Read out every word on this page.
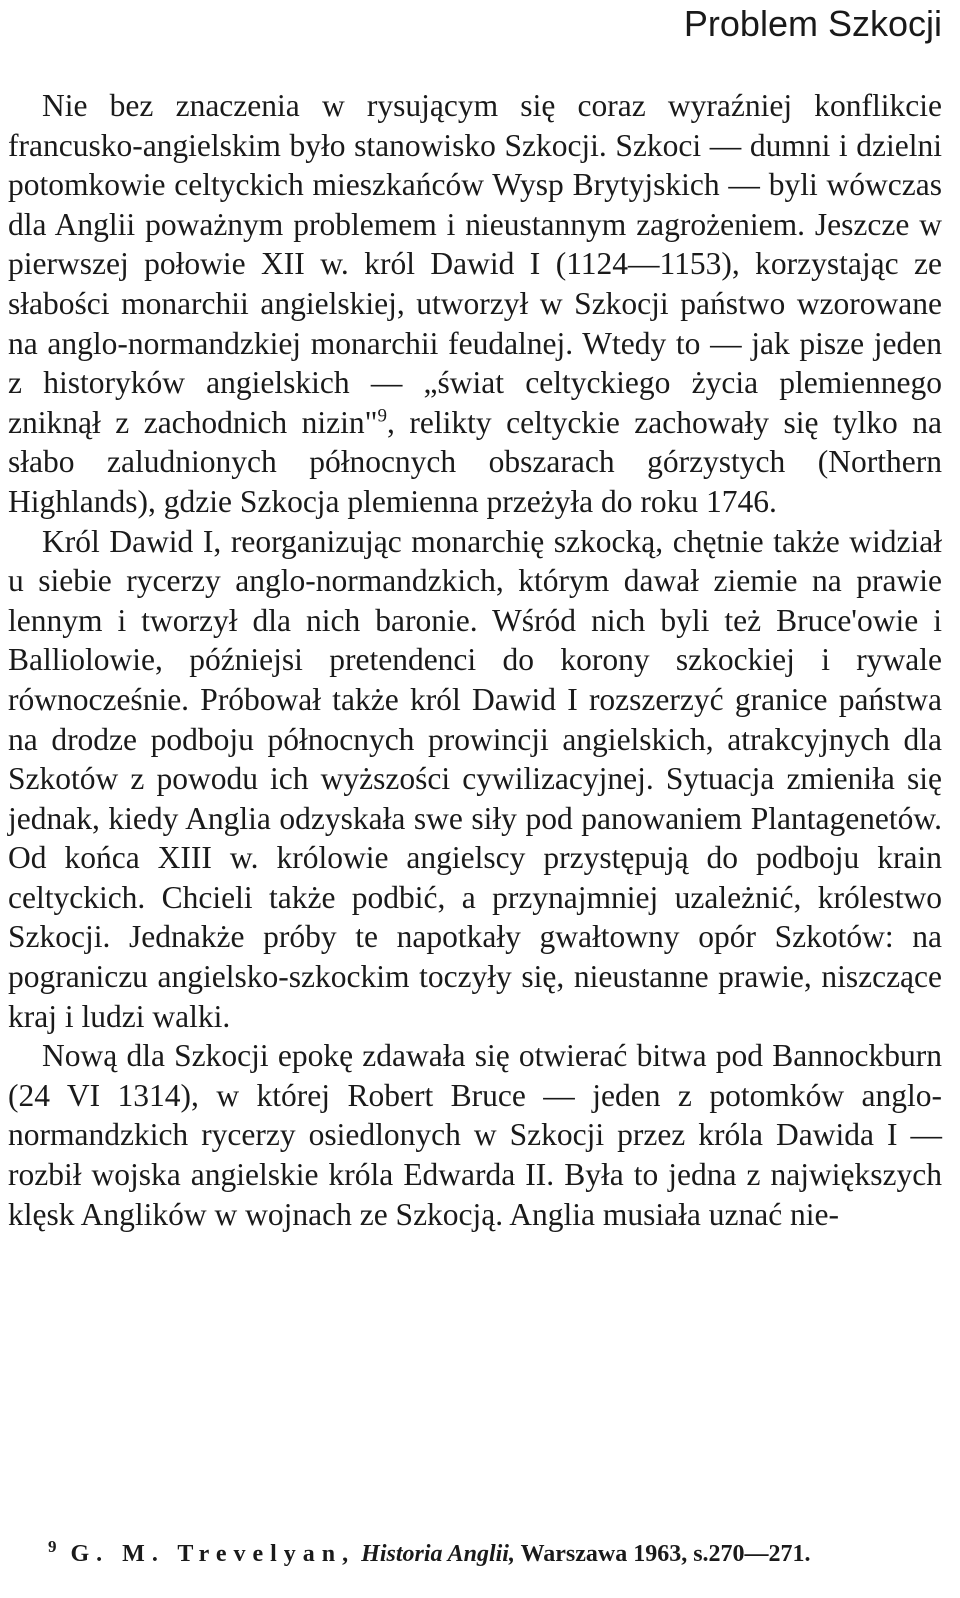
Problem Szkocji

Nie bez znaczenia w rysującym się coraz wyraźniej konflikcie francusko-angielskim było stanowisko Szkocji. Szkoci — dumni i dzielni potomkowie celtyckich mieszkańców Wysp Brytyjskich — byli wówczas dla Anglii poważnym problemem i nieustannym zagrożeniem. Jeszcze w pierwszej połowie XII w. król Dawid I (1124—1153), korzystając ze słabości monarchii angielskiej, utworzył w Szkocji państwo wzorowane na anglo-normandzkiej monarchii feudalnej. Wtedy to — jak pisze jeden z historyków angielskich — „świat celtyckiego życia plemiennego zniknął z zachodnich nizin"$^9$, relikty celtyckie zachowały się tylko na słabo zaludnionych północnych obszarach górzystych (Northern Highlands), gdzie Szkocja plemienna przeżyła do roku 1746.

Król Dawid I, reorganizując monarchię szkocką, chętnie także widział u siebie rycerzy anglo-normandzkich, którym dawał ziemie na prawie lennym i tworzył dla nich baronie. Wśród nich byli też Bruce'owie i Balliolowie, późniejsi pretendenci do korony szkockiej i rywale równocześnie. Próbował także król Dawid I rozszerzyć granice państwa na drodze podboju północnych prowincji angielskich, atrakcyjnych dla Szkotów z powodu ich wyższości cywilizacyjnej. Sytuacja zmieniła się jednak, kiedy Anglia odzyskała swe siły pod panowaniem Plantagenetów. Od końca XIII w. królowie angielscy przystępują do podboju krain celtyckich. Chcieli także podbić, a przynajmniej uzależnić, królestwo Szkocji. Jednakże próby te napotkały gwałtowny opór Szkotów: na pograniczu angielsko-szkockim toczyły się, nieustanne prawie, niszczące kraj i ludzi walki.

Nową dla Szkocji epokę zdawała się otwierać bitwa pod Bannockburn (24 VI 1314), w której Robert Bruce — jeden z potomków anglo-normandzkich rycerzy osiedlonych w Szkocji przez króla Dawida I — rozbił wojska angielskie króla Edwarda II. Była to jedna z największych klęsk Anglików w wojnach ze Szkocją. Anglia musiała uznać nie-

$^9$ G. M. Trevelyan, Historia Anglii, Warszawa 1963, s.270—271.
